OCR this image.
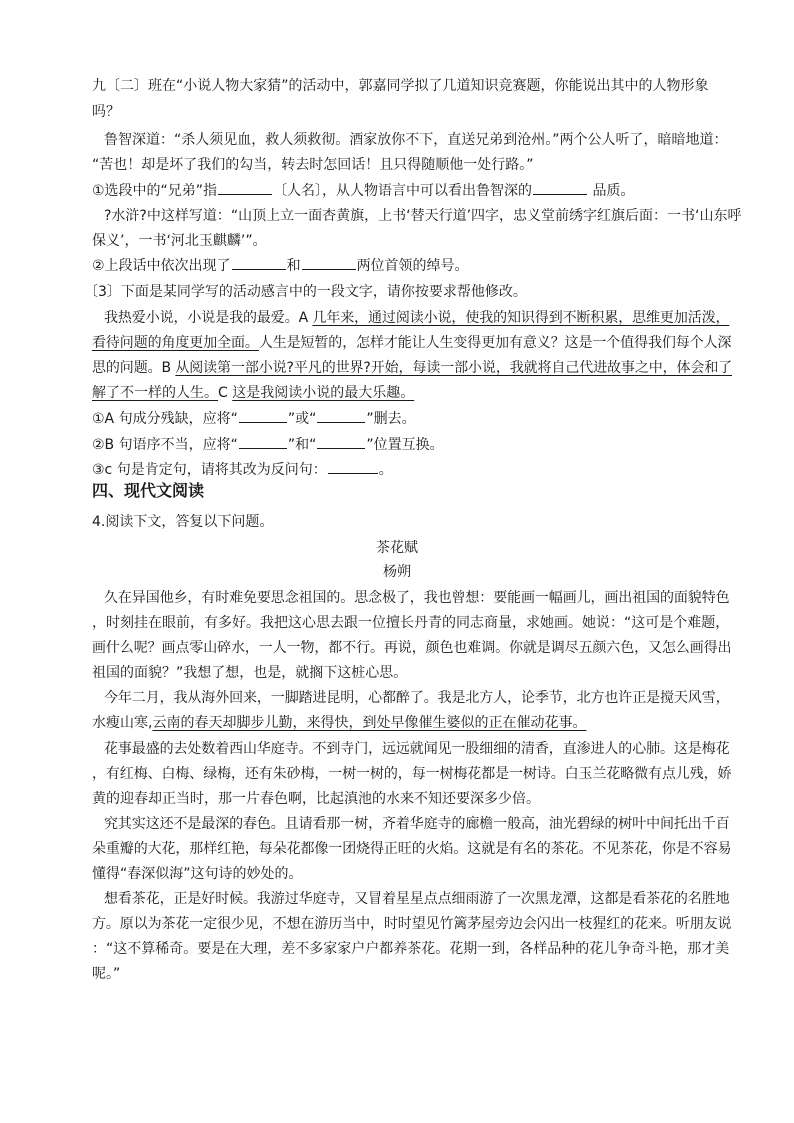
九〔二〕班在“小说人物大家猜”的活动中，郭嘉同学拟了几道知识竞赛题，你能说出其中的人物形象

吗？

鲁智深道：“杀人须见血，救人须救彻。酒家放你不下，直送兄弟到沧州。”两个公人听了，暗暗地道：

“苦也！却是坏了我们的勾当，转去时怎回话！且只得随顺他一处行路。”

①选段中的“兄弟”指	〔人名〕，从人物语言中可以看出鲁智深的	品质。

?水浒?中这样写道：“山顶上立一面杏黄旗，上书‘替天行道’四字，忠义堂前绣字红旗后面：一书‘山东呼

保义’，一书‘河北玉麒麟’”。

②上段话中依次出现了	和	两位首领的绰号。

〔3〕下面是某同学写的活动感言中的一段文字，请你按要求帮他修改。

我热爱小说，小说是我的最爱。A 几年来，通过阅读小说，使我的知识得到不断积累，思维更加活泼，

看待问题的角度更加全面。人生是短暂的，怎样才能让人生变得更加有意义？这是一个值得我们每个人深

思的问题。B 从阅读第一部小说?平凡的世界?开始，每读一部小说，我就将自己代进故事之中，体会和了

解了不一样的人生。C 这是我阅读小说的最大乐趣。

①A 句成分残缺，应将“	”或“	”删去。

②B 句语序不当，应将“	”和“	”位置互换。

③c 句是肯定句，请将其改为反问句：	。

四、现代文阅读

4.阅读下文，答复以下问题。

茶花赋

杨朔

久在异国他乡，有时难免要思念祖国的。思念极了，我也曾想：要能画一幅画儿，画出祖国的面貌特色

，时刻挂在眼前，有多好。我把这心思去跟一位擅长丹青的同志商量，求她画。她说：“这可是个难题，

画什么呢？画点零山碎水，一人一物，都不行。再说，颜色也难调。你就是调尽五颜六色，又怎么画得出

祖国的面貌？”我想了想，也是，就搁下这桩心思。

今年二月，我从海外回来，一脚踏进昆明，心都醉了。我是北方人，论季节，北方也许正是搅天风雪，

水瘦山寒,云南的春天却脚步儿勤，来得快，到处早像催生婆似的正在催动花事。

花事最盛的去处数着西山华庭寺。不到寺门，远远就闻见一股细细的清香，直渗进人的心肺。这是梅花

，有红梅、白梅、绿梅，还有朱砂梅，一树一树的，每一树梅花都是一树诗。白玉兰花略微有点儿残，娇

黄的迎春却正当时，那一片春色啊，比起滇池的水来不知还要深多少倍。

究其实这还不是最深的春色。且请看那一树，齐着华庭寺的廊檐一般高，油光碧绿的树叶中间托出千百

朵重瓣的大花，那样红艳，每朵花都像一团烧得正旺的火焰。这就是有名的茶花。不见茶花，你是不容易

懂得“春深似海”这句诗的妙处的。

想看茶花，正是好时候。我游过华庭寺，又冒着星星点点细雨游了一次黑龙潭，这都是看茶花的名胜地

方。原以为茶花一定很少见，不想在游历当中，时时望见竹篱茅屋旁边会闪出一枝猩红的花来。听朋友说

：“这不算稀奇。要是在大理，差不多家家户户都养茶花。花期一到，各样品种的花儿争奇斗艳，那才美

呢。”
